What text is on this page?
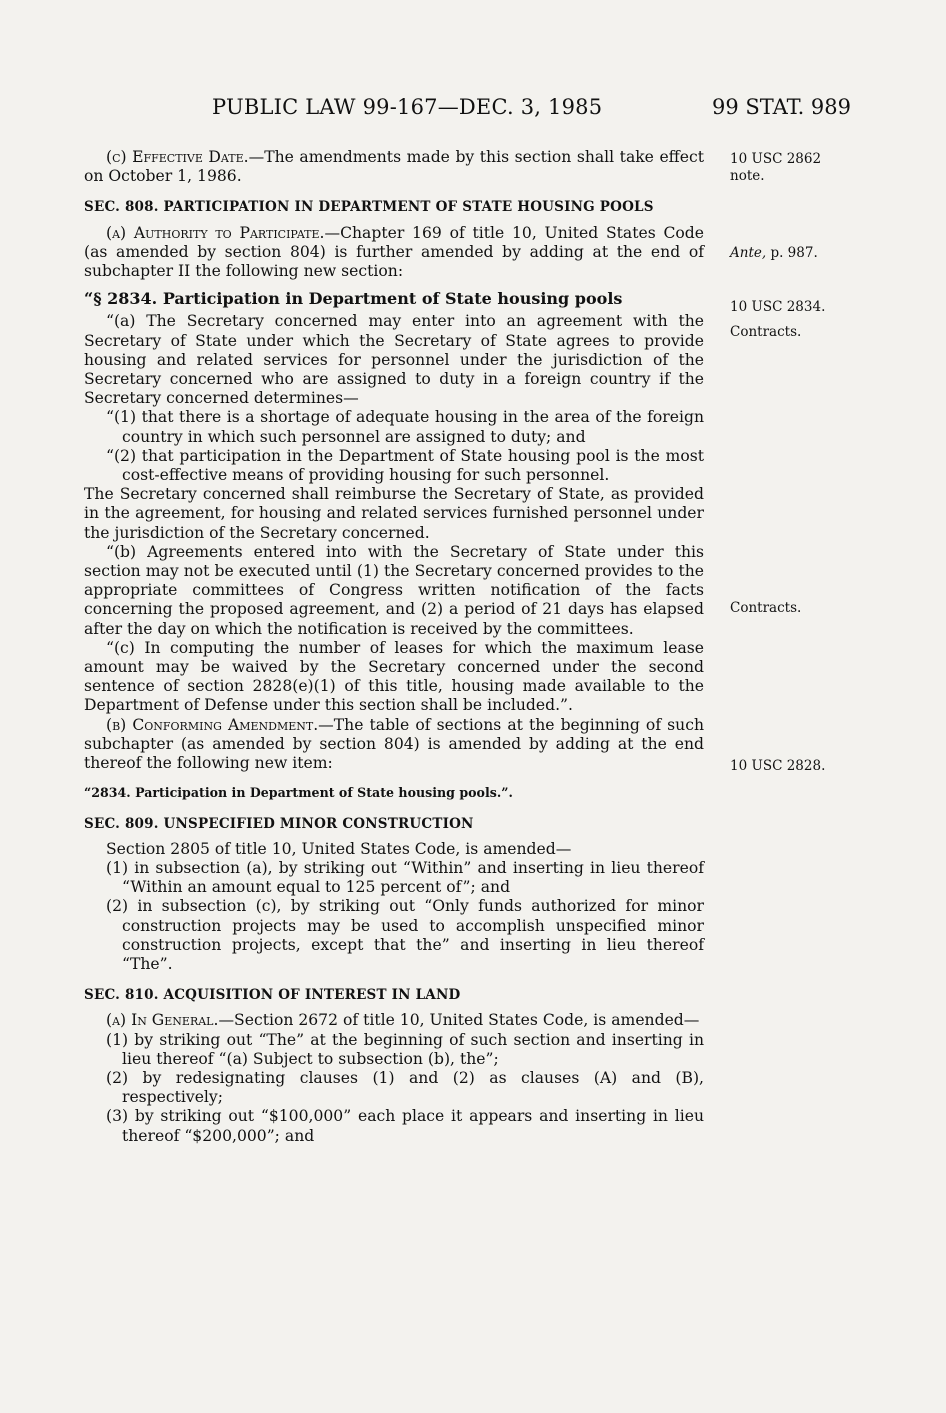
PUBLIC LAW 99-167—DEC. 3, 1985	99 STAT. 989

(c) Effective Date.—The amendments made by this section shall take effect on October 1, 1986.

SEC. 808. PARTICIPATION IN DEPARTMENT OF STATE HOUSING POOLS

(a) Authority to Participate.—Chapter 169 of title 10, United States Code (as amended by section 804) is further amended by adding at the end of subchapter II the following new section:

“§ 2834. Participation in Department of State housing pools

“(a) The Secretary concerned may enter into an agreement with the Secretary of State under which the Secretary of State agrees to provide housing and related services for personnel under the jurisdiction of the Secretary concerned who are assigned to duty in a foreign country if the Secretary concerned determines—

“(1) that there is a shortage of adequate housing in the area of the foreign country in which such personnel are assigned to duty; and

“(2) that participation in the Department of State housing pool is the most cost-effective means of providing housing for such personnel.

The Secretary concerned shall reimburse the Secretary of State, as provided in the agreement, for housing and related services furnished personnel under the jurisdiction of the Secretary concerned.

“(b) Agreements entered into with the Secretary of State under this section may not be executed until (1) the Secretary concerned provides to the appropriate committees of Congress written notification of the facts concerning the proposed agreement, and (2) a period of 21 days has elapsed after the day on which the notification is received by the committees.

“(c) In computing the number of leases for which the maximum lease amount may be waived by the Secretary concerned under the second sentence of section 2828(e)(1) of this title, housing made available to the Department of Defense under this section shall be included.”.

(b) Conforming Amendment.—The table of sections at the beginning of such subchapter (as amended by section 804) is amended by adding at the end thereof the following new item:

“2834. Participation in Department of State housing pools.”.

SEC. 809. UNSPECIFIED MINOR CONSTRUCTION

Section 2805 of title 10, United States Code, is amended—

(1) in subsection (a), by striking out “Within” and inserting in lieu thereof “Within an amount equal to 125 percent of”; and

(2) in subsection (c), by striking out “Only funds authorized for minor construction projects may be used to accomplish unspecified minor construction projects, except that the” and inserting in lieu thereof “The”.

SEC. 810. ACQUISITION OF INTEREST IN LAND

(a) In General.—Section 2672 of title 10, United States Code, is amended—

(1) by striking out “The” at the beginning of such section and inserting in lieu thereof “(a) Subject to subsection (b), the”;

(2) by redesignating clauses (1) and (2) as clauses (A) and (B), respectively;

(3) by striking out “$100,000” each place it appears and inserting in lieu thereof “$200,000”; and

10 USC 2862
note.
Ante, p. 987.
10 USC 2834.
Contracts.
Contracts.
10 USC 2828.
